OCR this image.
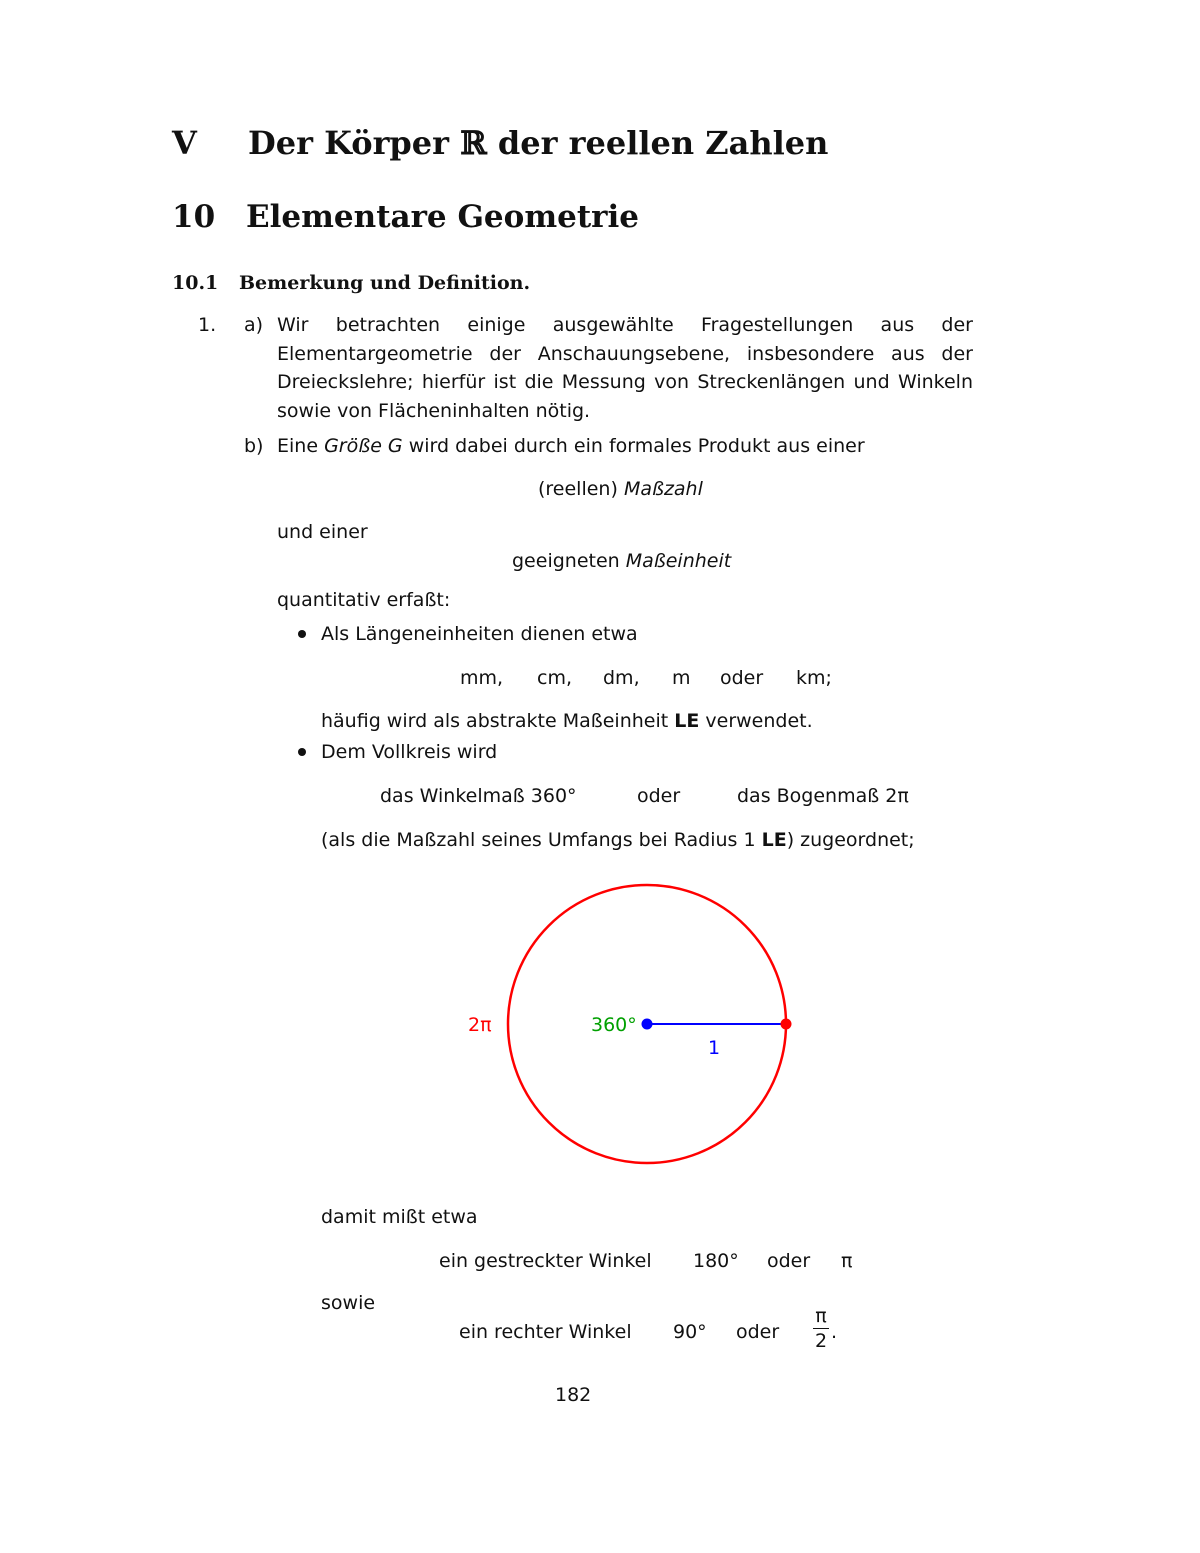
V Der Körper ℝ der reellen Zahlen
10 Elementare Geometrie
10.1 Bemerkung und Definition.
1. a) Wir betrachten einige ausgewählte Fragestellungen aus der Elementargeometrie der Anschauungsebene, insbesondere aus der Dreieckslehre; hierfür ist die Messung von Streckenlängen und Winkeln sowie von Flächeninhalten nötig.
b) Eine Größe G wird dabei durch ein formales Produkt aus einer
(reellen) Maßzahl
und einer
geeigneten Maßeinheit
quantitativ erfaßt:
Als Längeneinheiten dienen etwa
mm, cm, dm, m oder km;
häufig wird als abstrakte Maßeinheit LE verwendet.
Dem Vollkreis wird
das Winkelmaß 360°	oder	das Bogenmaß 2π
(als die Maßzahl seines Umfangs bei Radius 1 LE) zugeordnet;
2π	360°
1
damit mißt etwa
ein gestreckter Winkel 180° oder π
sowie
ein rechter Winkel 90° oder
π
2 .
182
